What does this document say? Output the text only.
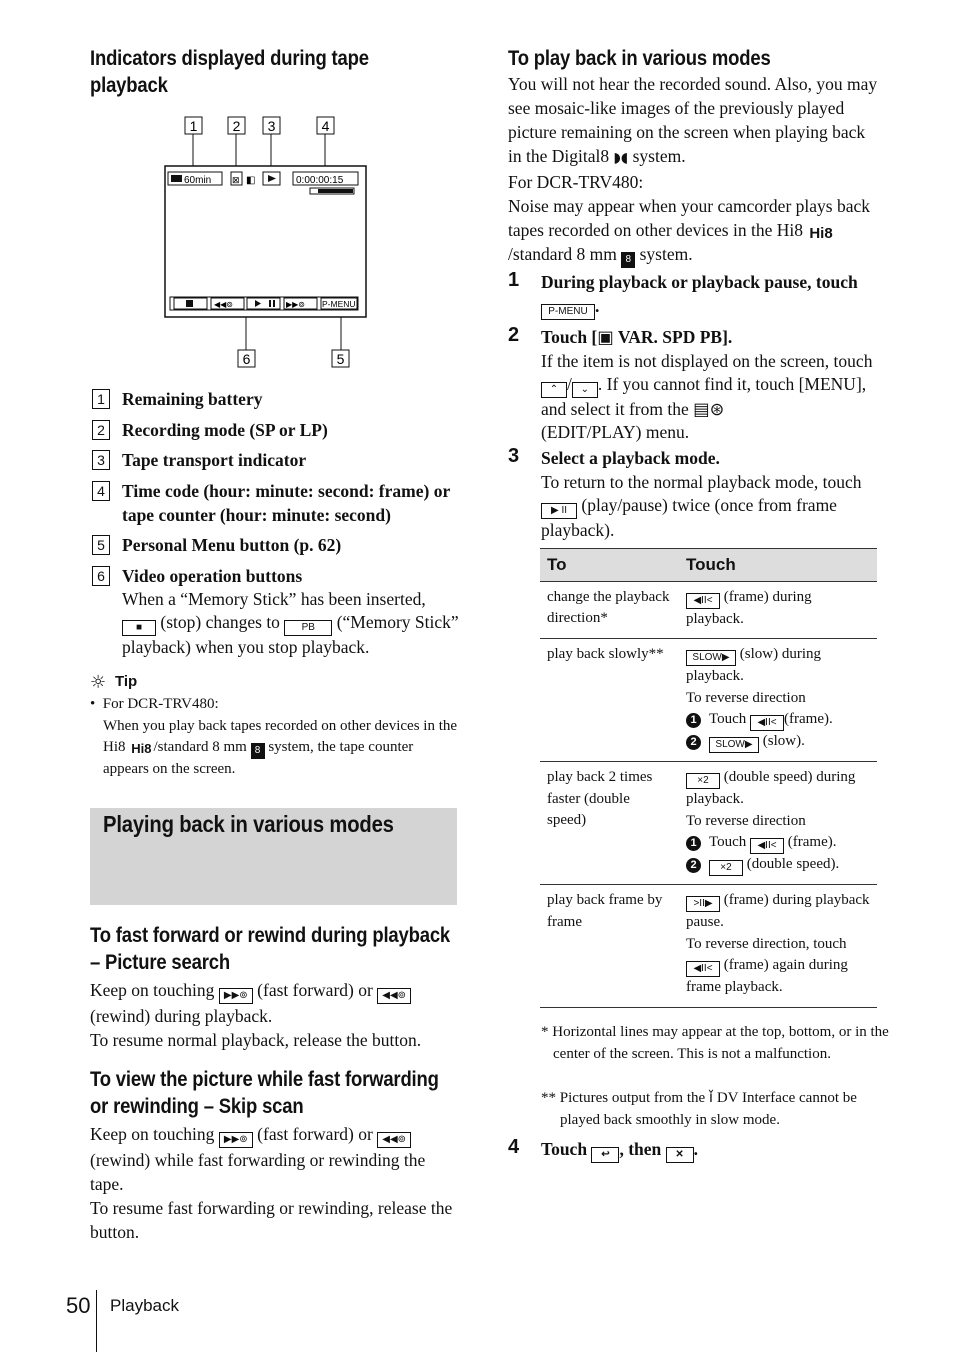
Indicators displayed during tape playback
1	2 3	4
6	5
60min ⊠ ◧	0:00:00:15
◀◀⊚	▶▶⊚ P-MENU
1 Remaining battery
2 Recording mode (SP or LP)
3 Tape transport indicator
4 Time code (hour: minute: second: frame) or tape counter (hour: minute: second)
5 Personal Menu button (p. 62)
6 Video operation buttons
When a “Memory Stick” has been inserted,
■ (stop) changes to PB (“Memory Stick” playback) when you stop playback.
☼ Tip
•  For DCR-TRV480:

When you play back tapes recorded on other devices in the Hi8 Hi8 /standard 8 mm 8 system, the tape counter appears on the screen.
Playing back in various modes
To fast forward or rewind during playback – Picture search
Keep on touching ▶▶⊚ (fast forward) or ◀◀⊚ (rewind) during playback.
To resume normal playback, release the button.
To view the picture while fast forwarding or rewinding – Skip scan
Keep on touching ▶▶⊚ (fast forward) or ◀◀⊚ (rewind) while fast forwarding or rewinding the tape.
To resume fast forwarding or rewinding, release the button.
To play back in various modes
You will not hear the recorded sound. Also, you may see mosaic-like images of the previously played picture remaining on the screen when playing back in the Digital8 ◗◖ system.
For DCR-TRV480:
Noise may appear when your camcorder plays back tapes recorded on other devices in the Hi8 Hi8/standard 8 mm 8 system.
1 During playback or playback pause, touch P-MENU .
2 Touch [▣ VAR. SPD PB].
If the item is not displayed on the screen, touch ⌃ / ⌄ . If you cannot find it, touch [MENU], and select it from the ▤⊛
(EDIT/PLAY) menu.
3 Select a playback mode.
To return to the normal playback mode, touch ▶ II (play/pause) twice (once from frame playback).
To	Touch
change the playback direction*	◀II< (frame) during playback.
play back slowly**	SLOW▶ (slow) during playback.
To reverse direction
1 Touch ◀II< (frame).
2 SLOW▶ (slow).
play back 2 times faster (double speed)	×2 (double speed) during playback.
To reverse direction
1 Touch ◀II< (frame).
2 ×2 (double speed).
play back frame by frame	>II▶ (frame) during playback pause.
To reverse direction, touch
◀II< (frame) again during frame playback.
* Horizontal lines may appear at the top, bottom, or in the center of the screen. This is not a malfunction.
** Pictures output from the ǐ DV Interface cannot be played back smoothly in slow mode.
4 Touch ↩ , then ✕ .
50 Playback
